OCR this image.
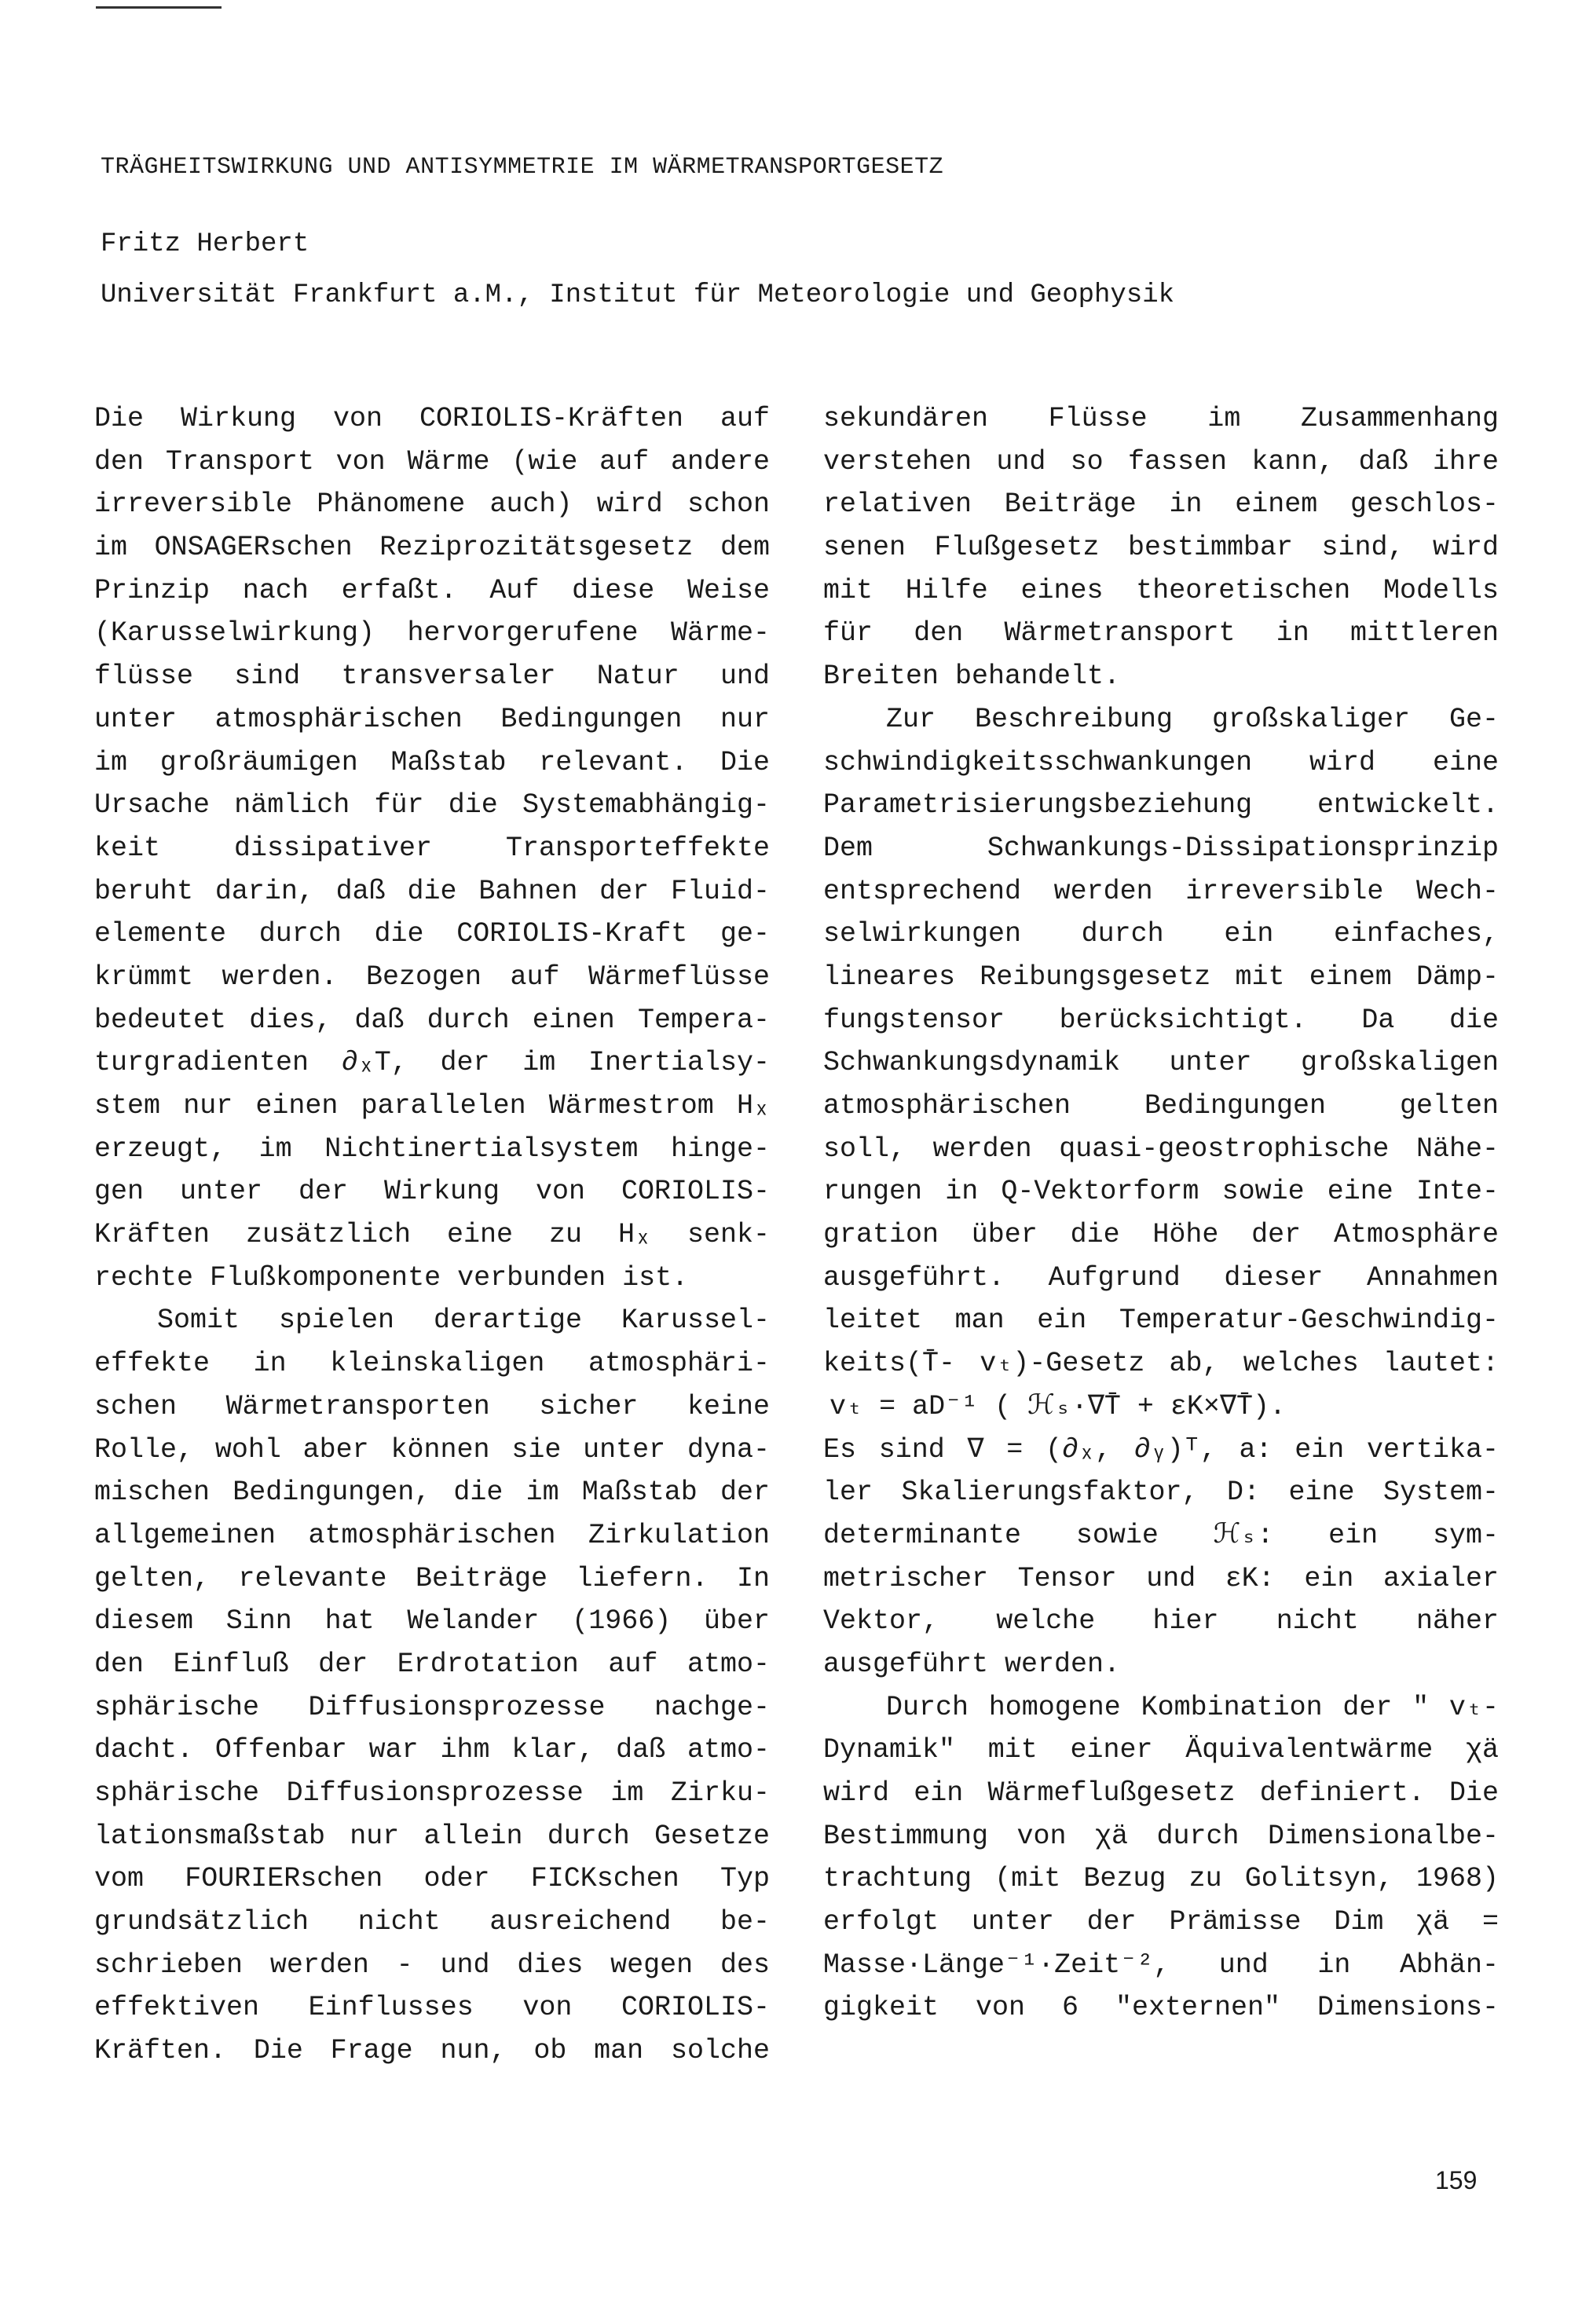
TRÄGHEITSWIRKUNG UND ANTISYMMETRIE IM WÄRMETRANSPORTGESETZ
Fritz Herbert
Universität Frankfurt a.M., Institut für Meteorologie und Geophysik
Die Wirkung von CORIOLIS-Kräften auf
den Transport von Wärme (wie auf andere
irreversible Phänomene auch) wird schon
im ONSAGERschen Reziprozitätsgesetz dem
Prinzip nach erfaßt. Auf diese Weise
(Karusselwirkung) hervorgerufene Wärme-
flüsse sind transversaler Natur und
unter atmosphärischen Bedingungen nur
im großräumigen Maßstab relevant. Die
Ursache nämlich für die Systemabhängig-
keit dissipativer Transporteffekte
beruht darin, daß die Bahnen der Fluid-
elemente durch die CORIOLIS-Kraft ge-
krümmt werden. Bezogen auf Wärmeflüsse
bedeutet dies, daß durch einen Tempera-
turgradienten ∂ₓT, der im Inertialsy-
stem nur einen parallelen Wärmestrom Hₓ
erzeugt, im Nichtinertialsystem hinge-
gen unter der Wirkung von CORIOLIS-
Kräften zusätzlich eine zu Hₓ senk-
rechte Flußkomponente verbunden ist.
Somit spielen derartige Karussel-
effekte in kleinskaligen atmosphäri-
schen Wärmetransporten sicher keine
Rolle, wohl aber können sie unter dyna-
mischen Bedingungen, die im Maßstab der
allgemeinen atmosphärischen Zirkulation
gelten, relevante Beiträge liefern. In
diesem Sinn hat Welander (1966) über
den Einfluß der Erdrotation auf atmo-
sphärische Diffusionsprozesse nachge-
dacht. Offenbar war ihm klar, daß atmo-
sphärische Diffusionsprozesse im Zirku-
lationsmaßstab nur allein durch Gesetze
vom FOURIERschen oder FICKschen Typ
grundsätzlich nicht ausreichend be-
schrieben werden - und dies wegen des
effektiven Einflusses von CORIOLIS-
Kräften. Die Frage nun, ob man solche
sekundären Flüsse im Zusammenhang
verstehen und so fassen kann, daß ihre
relativen Beiträge in einem geschlos-
senen Flußgesetz bestimmbar sind, wird
mit Hilfe eines theoretischen Modells
für den Wärmetransport in mittleren
Breiten behandelt.
Zur Beschreibung großskaliger Ge-
schwindigkeitsschwankungen wird eine
Parametrisierungsbeziehung entwickelt.
Dem Schwankungs-Dissipationsprinzip
entsprechend werden irreversible Wech-
selwirkungen durch ein einfaches,
lineares Reibungsgesetz mit einem Dämp-
fungstensor berücksichtigt. Da die
Schwankungsdynamik unter großskaligen
atmosphärischen Bedingungen gelten
soll, werden quasi-geostrophische Nähe-
rungen in Q-Vektorform sowie eine Inte-
gration über die Höhe der Atmosphäre
ausgeführt. Aufgrund dieser Annahmen
leitet man ein Temperatur-Geschwindig-
keits(T̄- vₜ)-Gesetz ab, welches lautet:
vₜ = aD⁻¹ ( ℋₛ·∇T̄ + εK×∇T̄).
Es sind ∇ = (∂ₓ, ∂ᵧ)ᵀ, a: ein vertika-
ler Skalierungsfaktor, D: eine System-
determinante sowie ℋₛ: ein sym-
metrischer Tensor und εK: ein axialer
Vektor, welche hier nicht näher
ausgeführt werden.
Durch homogene Kombination der " vₜ-
Dynamik" mit einer Äquivalentwärme χä
wird ein Wärmeflußgesetz definiert. Die
Bestimmung von χä durch Dimensionalbe-
trachtung (mit Bezug zu Golitsyn, 1968)
erfolgt unter der Prämisse Dim χä =
Masse·Länge⁻¹·Zeit⁻², und in Abhän-
gigkeit von 6 "externen" Dimensions-
159
